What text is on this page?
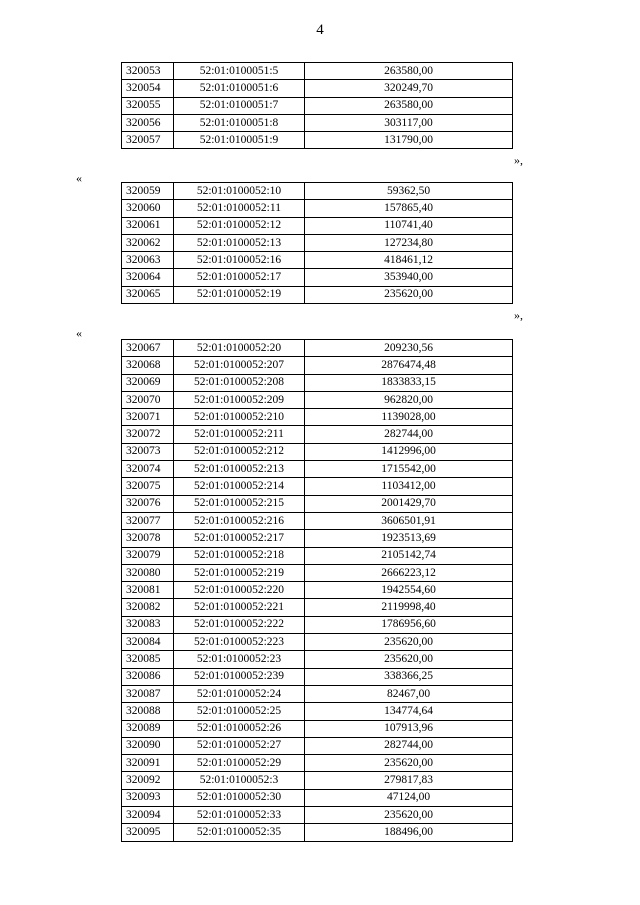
4
320053	52:01:0100051:5	263580,00
320054	52:01:0100051:6	320249,70
320055	52:01:0100051:7	263580,00
320056	52:01:0100051:8	303117,00
320057	52:01:0100051:9	131790,00
»,
«
320059	52:01:0100052:10	59362,50
320060	52:01:0100052:11	157865,40
320061	52:01:0100052:12	110741,40
320062	52:01:0100052:13	127234,80
320063	52:01:0100052:16	418461,12
320064	52:01:0100052:17	353940,00
320065	52:01:0100052:19	235620,00
»,
«
320067	52:01:0100052:20	209230,56
320068	52:01:0100052:207	2876474,48
320069	52:01:0100052:208	1833833,15
320070	52:01:0100052:209	962820,00
320071	52:01:0100052:210	1139028,00
320072	52:01:0100052:211	282744,00
320073	52:01:0100052:212	1412996,00
320074	52:01:0100052:213	1715542,00
320075	52:01:0100052:214	1103412,00
320076	52:01:0100052:215	2001429,70
320077	52:01:0100052:216	3606501,91
320078	52:01:0100052:217	1923513,69
320079	52:01:0100052:218	2105142,74
320080	52:01:0100052:219	2666223,12
320081	52:01:0100052:220	1942554,60
320082	52:01:0100052:221	2119998,40
320083	52:01:0100052:222	1786956,60
320084	52:01:0100052:223	235620,00
320085	52:01:0100052:23	235620,00
320086	52:01:0100052:239	338366,25
320087	52:01:0100052:24	82467,00
320088	52:01:0100052:25	134774,64
320089	52:01:0100052:26	107913,96
320090	52:01:0100052:27	282744,00
320091	52:01:0100052:29	235620,00
320092	52:01:0100052:3	279817,83
320093	52:01:0100052:30	47124,00
320094	52:01:0100052:33	235620,00
320095	52:01:0100052:35	188496,00
